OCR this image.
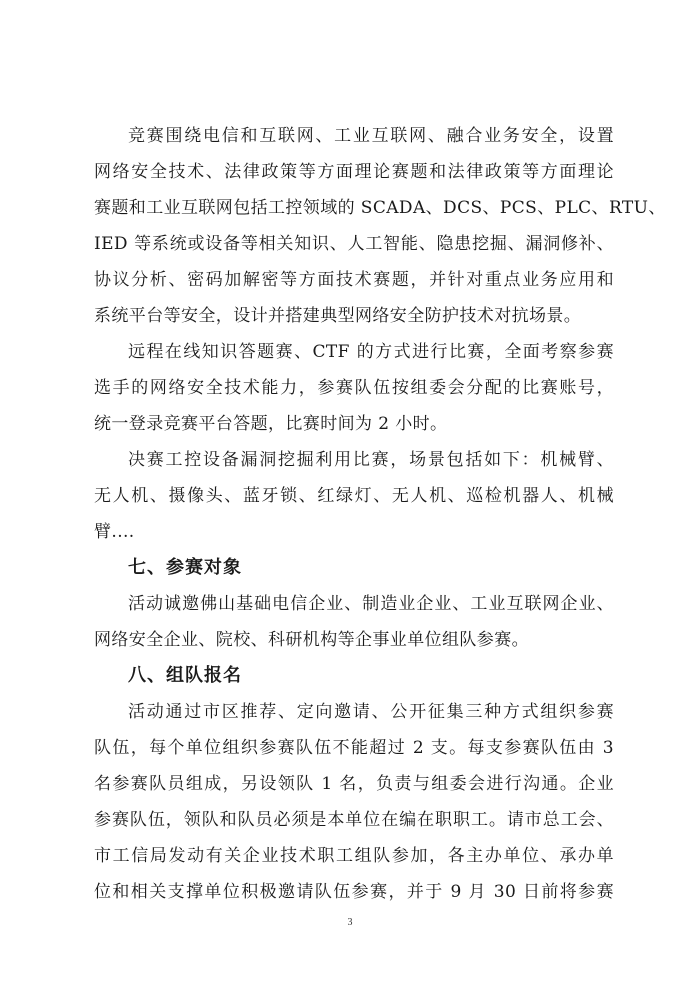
竞赛围绕电信和互联网、工业互联网、融合业务安全，设置
网络安全技术、法律政策等方面理论赛题和法律政策等方面理论
赛题和工业互联网包括工控领域的 SCADA、DCS、PCS、PLC、RTU、
IED 等系统或设备等相关知识、人工智能、隐患挖掘、漏洞修补、
协议分析、密码加解密等方面技术赛题，并针对重点业务应用和
系统平台等安全，设计并搭建典型网络安全防护技术对抗场景。
远程在线知识答题赛、CTF 的方式进行比赛，全面考察参赛
选手的网络安全技术能力，参赛队伍按组委会分配的比赛账号，
统一登录竞赛平台答题，比赛时间为 2 小时。
决赛工控设备漏洞挖掘利用比赛，场景包括如下：机械臂、
无人机、摄像头、蓝牙锁、红绿灯、无人机、巡检机器人、机械
臂....
七、参赛对象
活动诚邀佛山基础电信企业、制造业企业、工业互联网企业、
网络安全企业、院校、科研机构等企事业单位组队参赛。
八、组队报名
活动通过市区推荐、定向邀请、公开征集三种方式组织参赛
队伍，每个单位组织参赛队伍不能超过 2 支。每支参赛队伍由 3
名参赛队员组成，另设领队 1 名，负责与组委会进行沟通。企业
参赛队伍，领队和队员必须是本单位在编在职职工。请市总工会、
市工信局发动有关企业技术职工组队参加，各主办单位、承办单
位和相关支撑单位积极邀请队伍参赛，并于 9 月 30 日前将参赛
3
